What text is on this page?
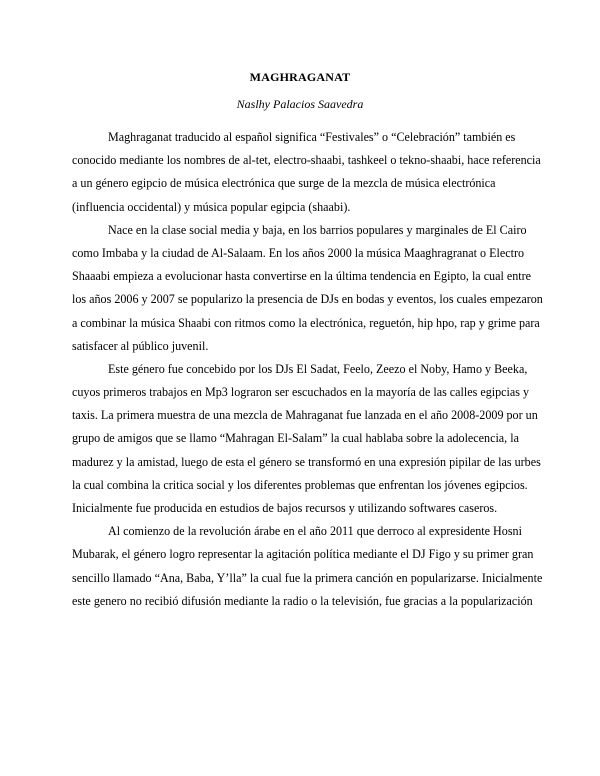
MAGHRAGANAT
Naslhy Palacios Saavedra
Maghraganat traducido al español significa “Festivales” o “Celebración” también es
conocido mediante los nombres de al-tet, electro-shaabi, tashkeel o tekno-shaabi, hace referencia
a un género egipcio de música electrónica que surge de la mezcla de música electrónica
(influencia occidental) y música popular egipcia (shaabi).
Nace en la clase social media y baja, en los barrios populares y marginales de El Cairo
como Imbaba y la ciudad de Al-Salaam. En los años 2000 la música Maaghragranat o Electro
Shaaabi empieza a evolucionar hasta convertirse en la última tendencia en Egipto, la cual entre
los años 2006 y 2007 se popularizo la presencia de DJs en bodas y eventos, los cuales empezaron
a combinar la música Shaabi con ritmos como la electrónica, reguetón, hip hpo, rap y grime para
satisfacer al público juvenil.
Este género fue concebido por los DJs El Sadat, Feelo, Zeezo el Noby, Hamo y Beeka,
cuyos primeros trabajos en Mp3 lograron ser escuchados en la mayoría de las calles egipcias y
taxis. La primera muestra de una mezcla de Mahraganat fue lanzada en el año 2008-2009 por un
grupo de amigos que se llamo “Mahragan El-Salam” la cual hablaba sobre la adolecencia, la
madurez y la amistad, luego de esta el género se transformó en una expresión pipilar de las urbes
la cual combina la critica social y los diferentes problemas que enfrentan los jóvenes egipcios.
Inicialmente fue producida en estudios de bajos recursos y utilizando softwares caseros.
Al comienzo de la revolución árabe en el año 2011 que derroco al expresidente Hosni
Mubarak, el género logro representar la agitación política mediante el DJ Figo y su primer gran
sencillo llamado “Ana, Baba, Y’lla” la cual fue la primera canción en popularizarse. Inicialmente
este genero no recibió difusión mediante la radio o la televisión, fue gracias a la popularización
